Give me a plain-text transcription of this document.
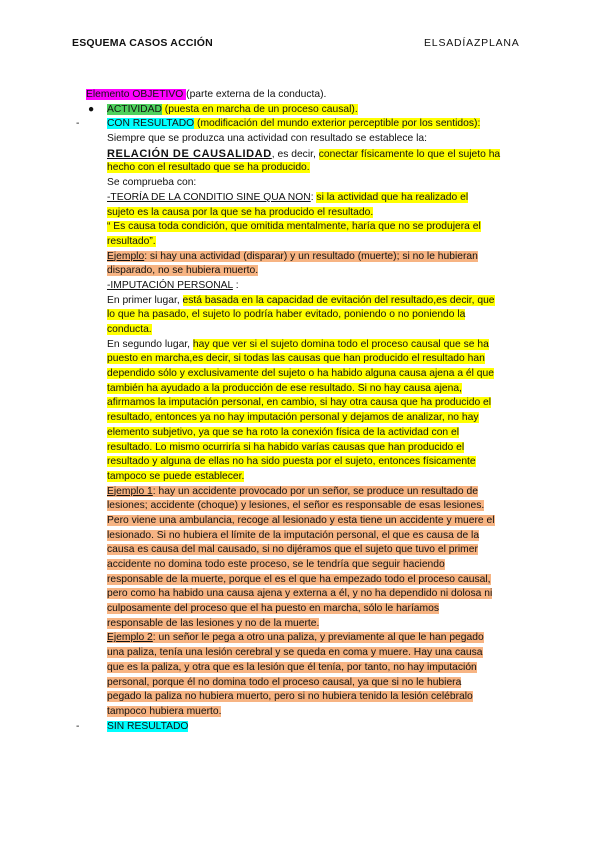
ESQUEMA CASOS ACCIÓN	ELSADÍAZPLANA
Elemento OBJETIVO (parte externa de la conducta).
● ACTIVIDAD (puesta en marcha de un proceso causal).
-	CON RESULTADO (modificación del mundo exterior perceptible por los sentidos):
Siempre que se produzca una actividad con resultado se establece la:
RELACIÓN DE CAUSALIDAD, es decir, conectar físicamente lo que el sujeto ha
hecho con el resultado que se ha producido.
Se comprueba con:
-TEORÍA DE LA CONDITIO SINE QUA NON: si la actividad que ha realizado el
sujeto es la causa por la que se ha producido el resultado.
“ Es causa toda condición, que omitida mentalmente, haría que no se produjera el
resultado”.
Ejemplo: si hay una actividad (disparar) y un resultado (muerte); si no le hubieran
disparado, no se hubiera muerto.
-IMPUTACIÓN PERSONAL :
En primer lugar, está basada en la capacidad de evitación del resultado,es decir, que
lo que ha pasado, el sujeto lo podría haber evitado, poniendo o no poniendo la
conducta.
En segundo lugar, hay que ver si el sujeto domina todo el proceso causal que se ha
puesto en marcha,es decir, si todas las causas que han producido el resultado han
dependido sólo y exclusivamente del sujeto o ha habido alguna causa ajena a él que
también ha ayudado a la producción de ese resultado. Si no hay causa ajena,
afirmamos la imputación personal, en cambio, si hay otra causa que ha producido el
resultado, entonces ya no hay imputación personal y dejamos de analizar, no hay
elemento subjetivo, ya que se ha roto la conexión física de la actividad con el
resultado. Lo mismo ocurriría si ha habido varías causas que han producido el
resultado y alguna de ellas no ha sido puesta por el sujeto, entonces físicamente
tampoco se puede establecer.
Ejemplo 1: hay un accidente provocado por un señor, se produce un resultado de
lesiones; accidente (choque) y lesiones, el señor es responsable de esas lesiones.
Pero viene una ambulancia, recoge al lesionado y esta tiene un accidente y muere el
lesionado. Si no hubiera el límite de la imputación personal, el que es causa de la
causa es causa del mal causado, si no dijéramos que el sujeto que tuvo el primer
accidente no domina todo este proceso, se le tendría que seguir haciendo
responsable de la muerte, porque el es el que ha empezado todo el proceso causal,
pero como ha habido una causa ajena y externa a él, y no ha dependido ni dolosa ni
culposamente del proceso que el ha puesto en marcha, sólo le haríamos
responsable de las lesiones y no de la muerte.
Ejemplo 2: un señor le pega a otro una paliza, y previamente al que le han pegado
una paliza, tenía una lesión cerebral y se queda en coma y muere. Hay una causa
que es la paliza, y otra que es la lesión que él tenía, por tanto, no hay imputación
personal, porque él no domina todo el proceso causal, ya que si no le hubiera
pegado la paliza no hubiera muerto, pero si no hubiera tenido la lesión celébralo
tampoco hubiera muerto.
-	SIN RESULTADO
